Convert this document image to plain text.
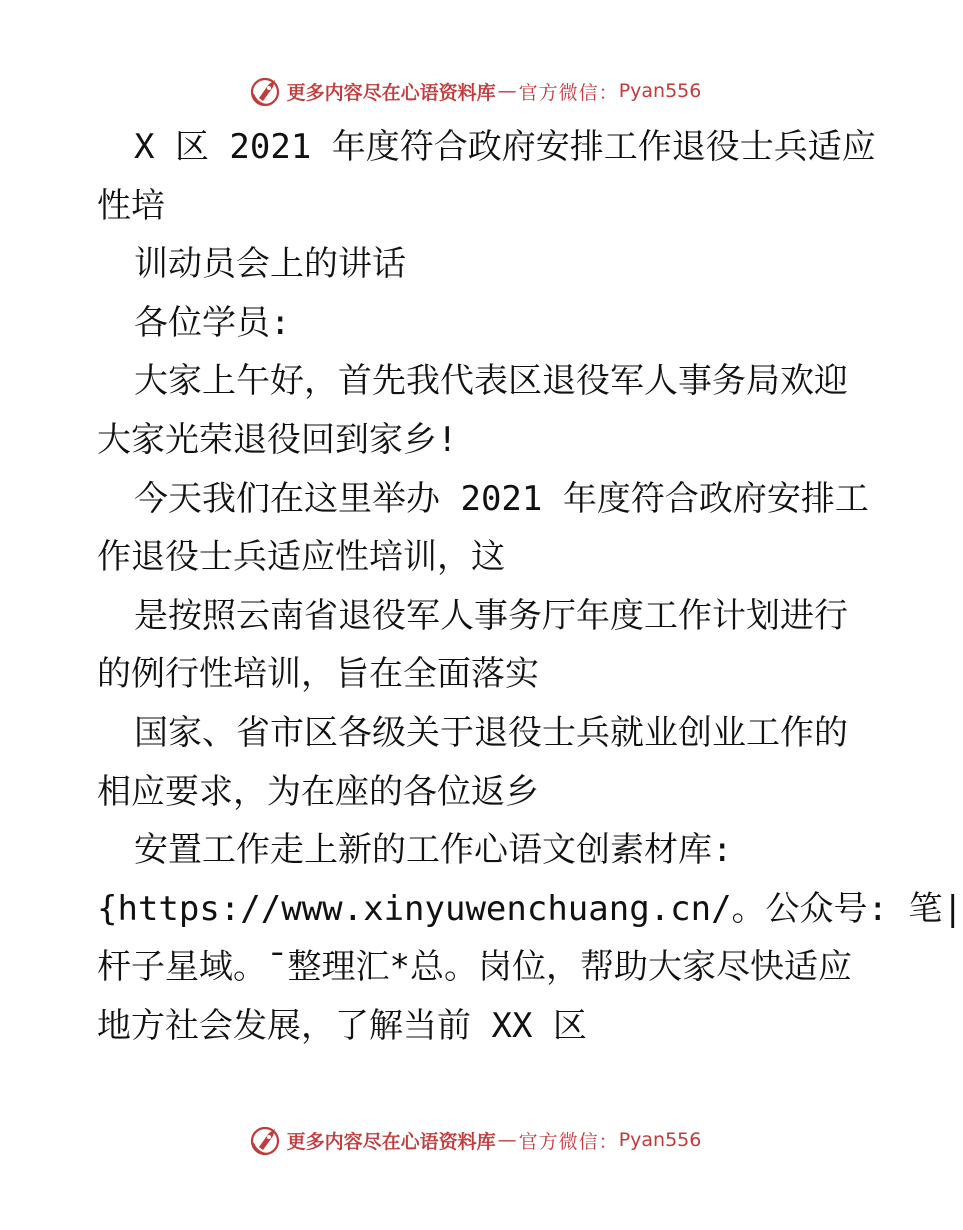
更多内容尽在心语资料库 — 官方微信： Pyan556
X 区 2021 年度符合政府安排工作退役士兵适应
性培
训动员会上的讲话
各位学员:
大家上午好，首先我代表区退役军人事务局欢迎
大家光荣退役回到家乡!
今天我们在这里举办 2021 年度符合政府安排工
作退役士兵适应性培训，这
是按照云南省退役军人事务厅年度工作计划进行
的例行性培训，旨在全面落实
国家、省市区各级关于退役士兵就业创业工作的
相应要求，为在座的各位返乡
安置工作走上新的工作心语文创素材库:
{https://www.xinyuwenchuang.cn/。公众号: 笔|
杆子星域。¯整理汇*总。岗位，帮助大家尽快适应
地方社会发展，了解当前 XX 区
更多内容尽在心语资料库 — 官方微信： Pyan556
